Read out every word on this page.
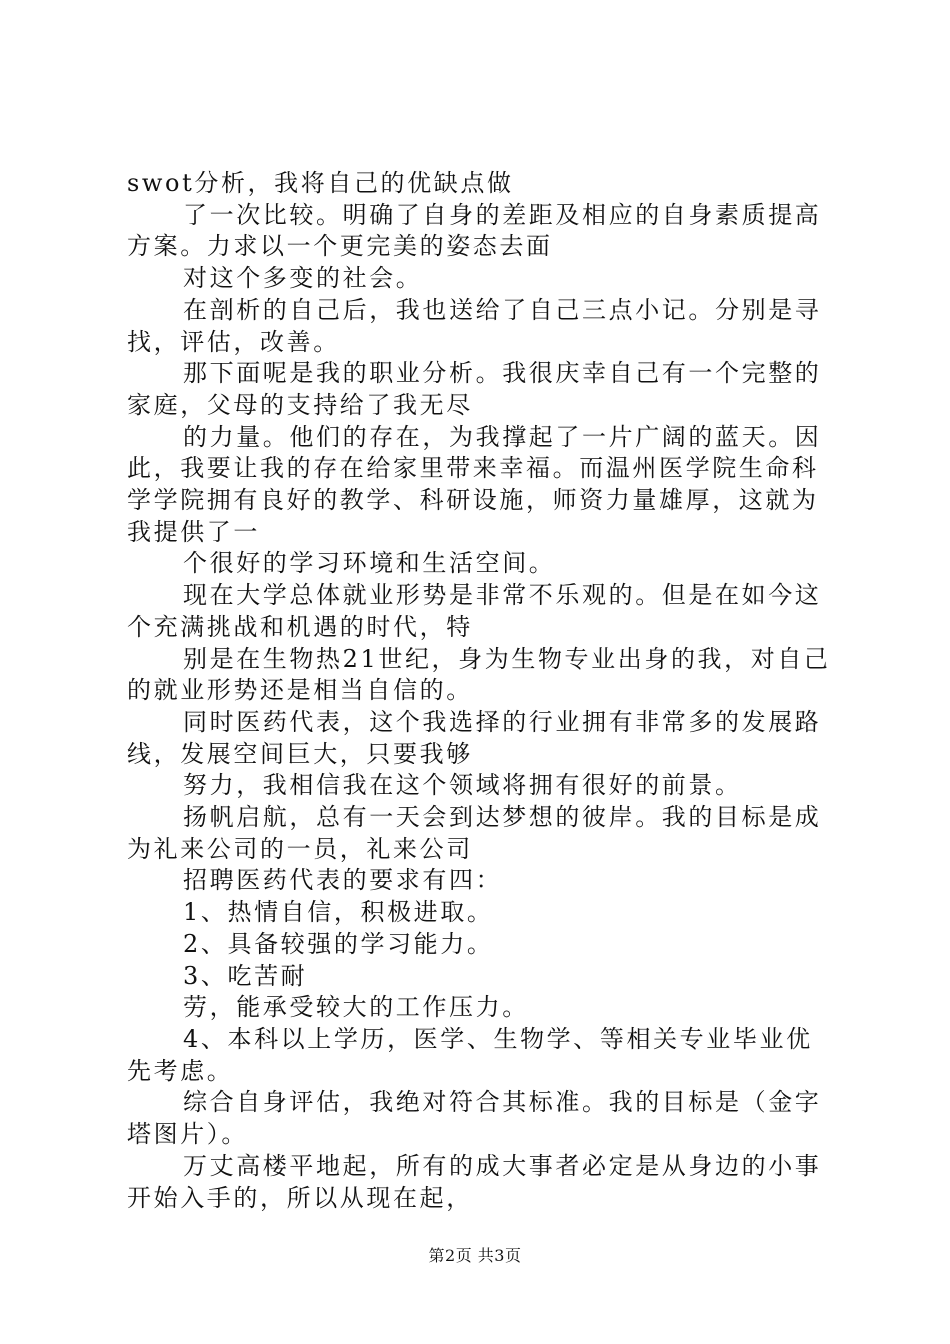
swot分析，我将自己的优缺点做

了一次比较。明确了自身的差距及相应的自身素质提高方案。力求以一个更完美的姿态去面

对这个多变的社会。

在剖析的自己后，我也送给了自己三点小记。分别是寻找，评估，改善。

那下面呢是我的职业分析。我很庆幸自己有一个完整的家庭，父母的支持给了我无尽

的力量。他们的存在，为我撑起了一片广阔的蓝天。因此，我要让我的存在给家里带来幸福。而温州医学院生命科学学院拥有良好的教学、科研设施，师资力量雄厚，这就为我提供了一

个很好的学习环境和生活空间。

现在大学总体就业形势是非常不乐观的。但是在如今这个充满挑战和机遇的时代，特

别是在生物热21世纪，身为生物专业出身的我，对自己的就业形势还是相当自信的。

同时医药代表，这个我选择的行业拥有非常多的发展路线，发展空间巨大，只要我够

努力，我相信我在这个领域将拥有很好的前景。

扬帆启航，总有一天会到达梦想的彼岸。我的目标是成为礼来公司的一员，礼来公司

招聘医药代表的要求有四：

1、热情自信，积极进取。

2、具备较强的学习能力。

3、吃苦耐

劳，能承受较大的工作压力。

4、本科以上学历，医学、生物学、等相关专业毕业优先考虑。

综合自身评估，我绝对符合其标准。我的目标是（金字塔图片）。

万丈高楼平地起，所有的成大事者必定是从身边的小事开始入手的，所以从现在起，

第2页 共3页
